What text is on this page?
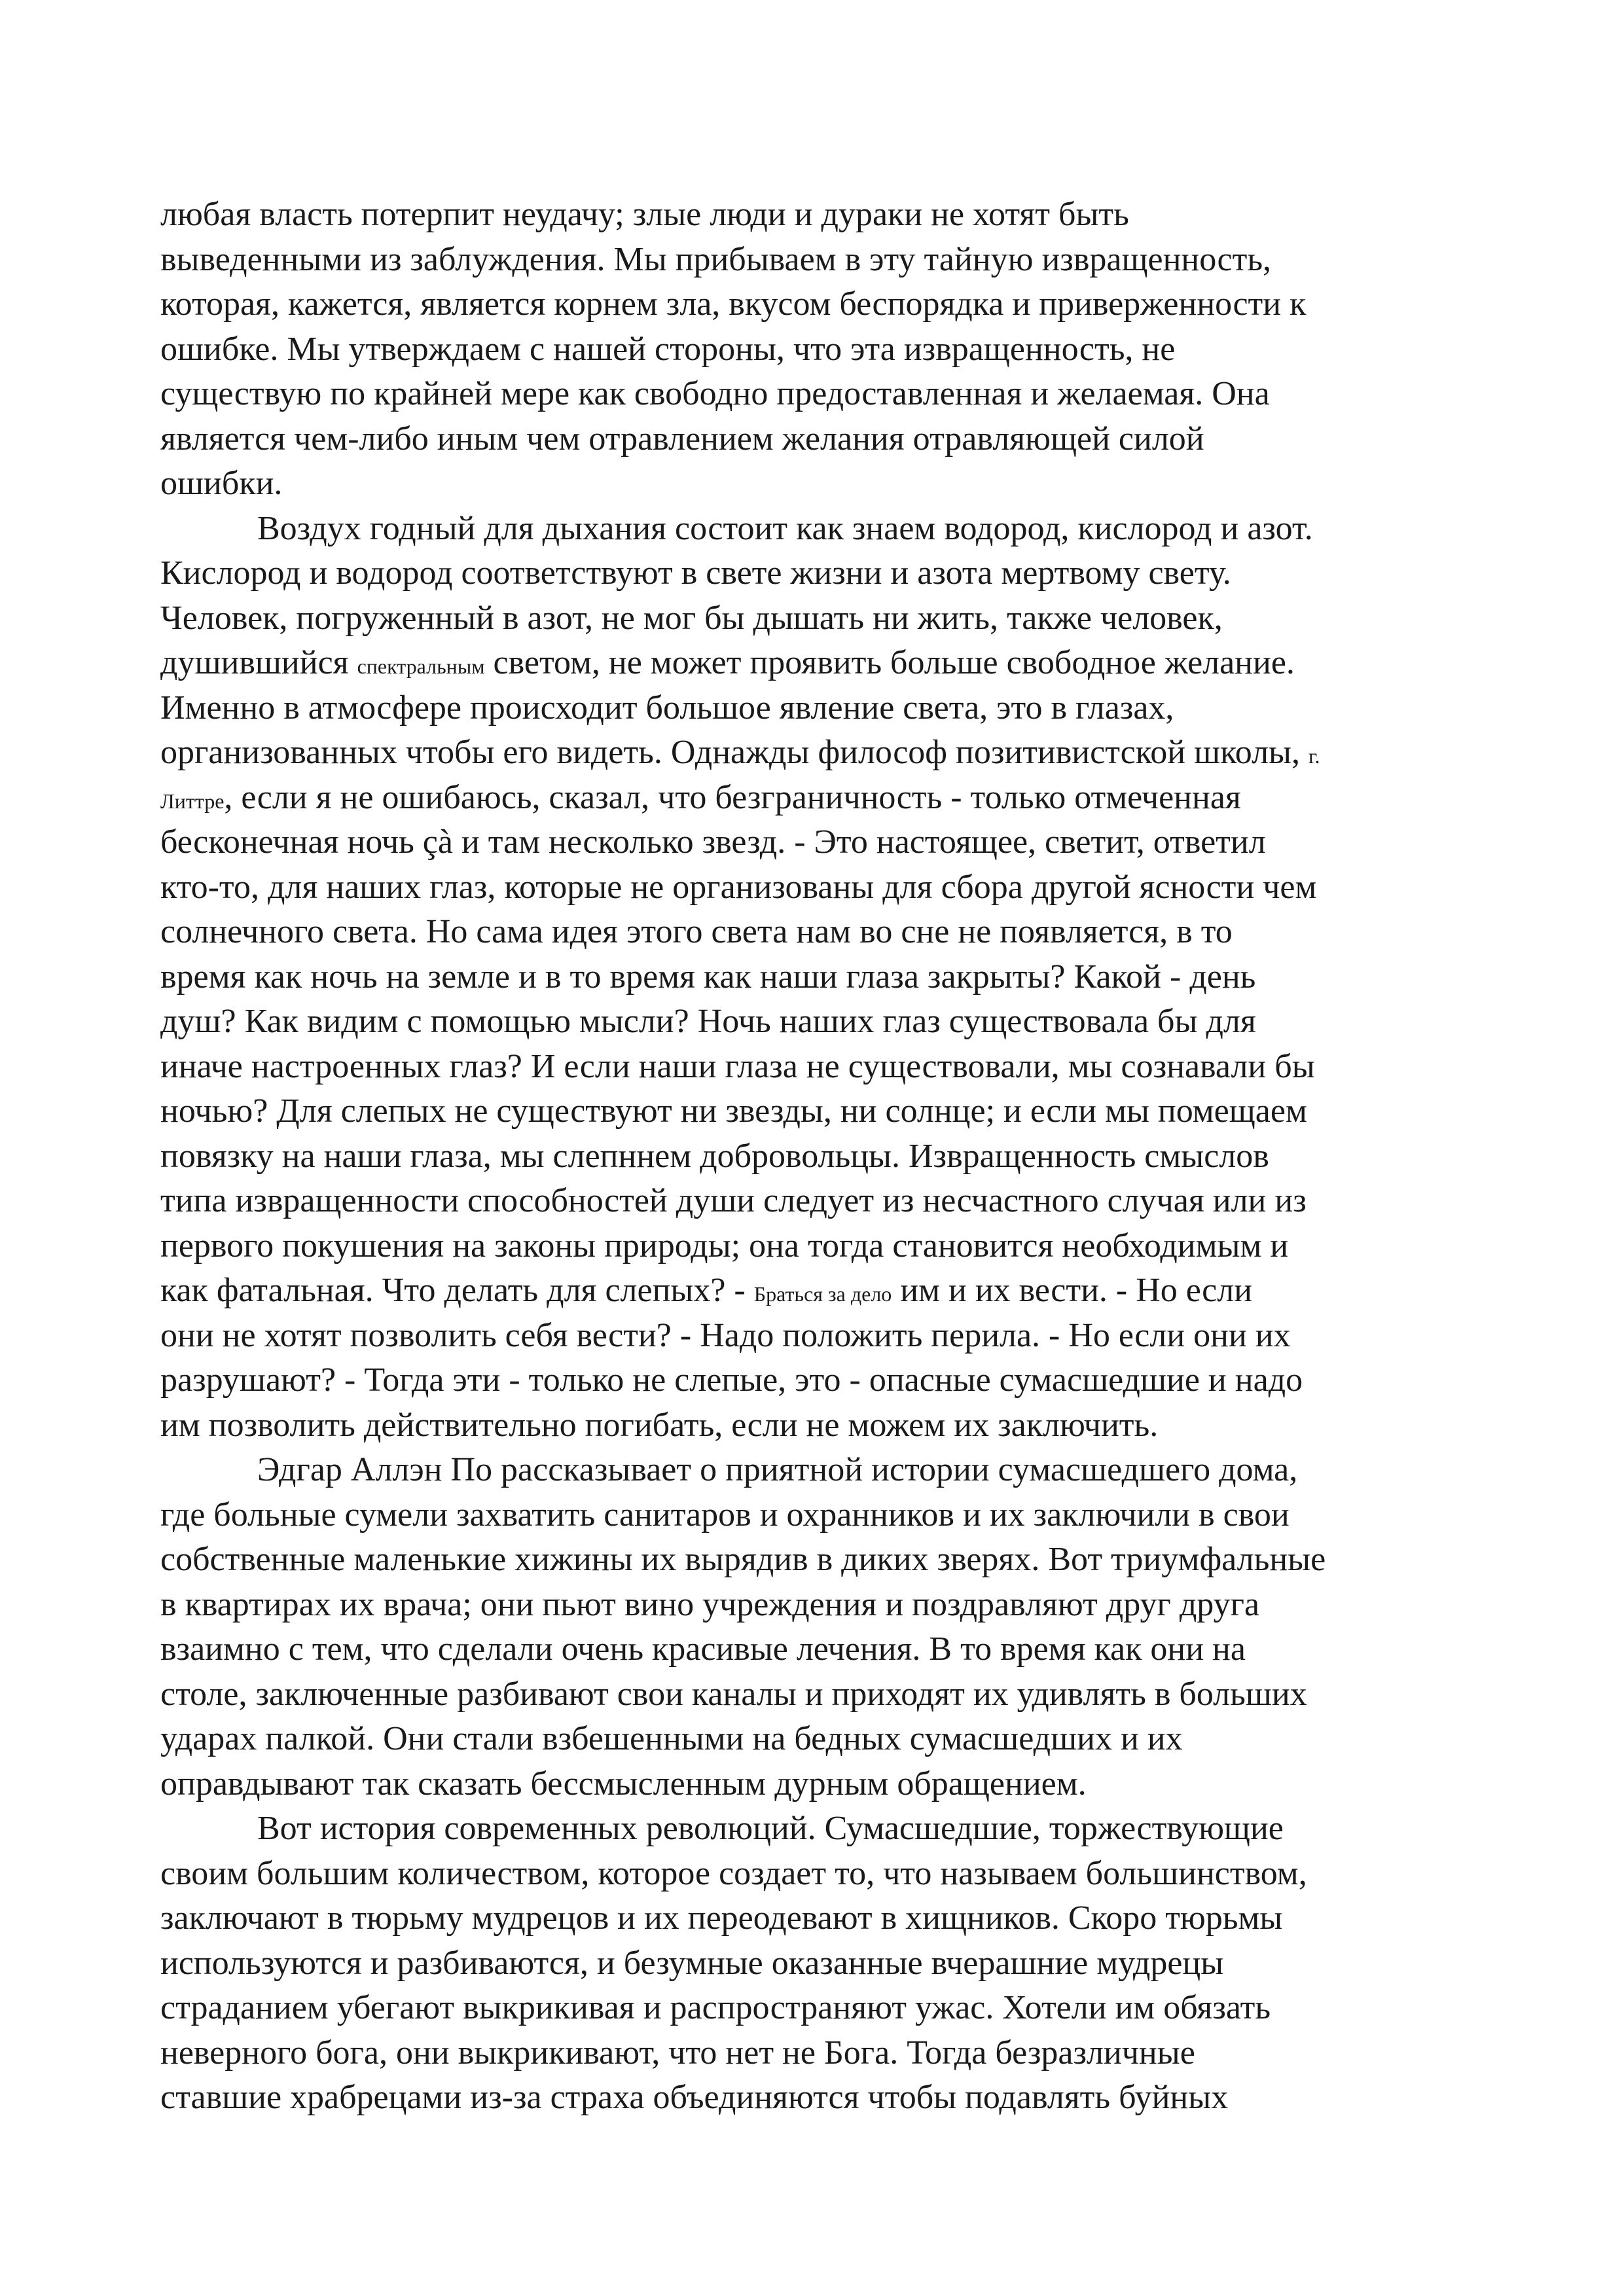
любая власть потерпит неудачу; злые люди и дураки не хотят быть
выведенными из заблуждения. Мы прибываем в эту тайную извращенность,
которая, кажется, является корнем зла, вкусом беспорядка и приверженности к
ошибке. Мы утверждаем с нашей стороны, что эта извращенность, не
существую по крайней мере как свободно предоставленная и желаемая. Она
является чем-либо иным чем отравлением желания отравляющей силой
ошибки.
Воздух годный для дыхания состоит как знаем водород, кислород и азот.
Кислород и водород соответствуют в свете жизни и азота мертвому свету.
Человек, погруженный в азот, не мог бы дышать ни жить, также человек,
душившийся спектральным светом, не может проявить больше свободное желание.
Именно в атмосфере происходит большое явление света, это в глазах,
организованных чтобы его видеть. Однажды философ позитивистской школы, г.
Литтре, если я не ошибаюсь, сказал, что безграничность - только отмеченная
бесконечная ночь çà и там несколько звезд. - Это настоящее, светит, ответил
кто-то, для наших глаз, которые не организованы для сбора другой ясности чем
солнечного света. Но сама идея этого света нам во сне не появляется, в то
время как ночь на земле и в то время как наши глаза закрыты? Какой - день
душ? Как видим с помощью мысли? Ночь наших глаз существовала бы для
иначе настроенных глаз? И если наши глаза не существовали, мы сознавали бы
ночью? Для слепых не существуют ни звезды, ни солнце; и если мы помещаем
повязку на наши глаза, мы слепннем добровольцы. Извращенность смыслов
типа извращенности способностей души следует из несчастного случая или из
первого покушения на законы природы; она тогда становится необходимым и
как фатальная. Что делать для слепых? - Браться за дело им и их вести. - Но если
они не хотят позволить себя вести? - Надо положить перила. - Но если они их
разрушают? - Тогда эти - только не слепые, это - опасные сумасшедшие и надо
им позволить действительно погибать, если не можем их заключить.
Эдгар Аллэн По рассказывает о приятной истории сумасшедшего дома,
где больные сумели захватить санитаров и охранников и их заключили в свои
собственные маленькие хижины их вырядив в диких зверях. Вот триумфальные
в квартирах их врача; они пьют вино учреждения и поздравляют друг друга
взаимно с тем, что сделали очень красивые лечения. В то время как они на
столе, заключенные разбивают свои каналы и приходят их удивлять в больших
ударах палкой. Они стали взбешенными на бедных сумасшедших и их
оправдывают так сказать бессмысленным дурным обращением.
Вот история современных революций. Сумасшедшие, торжествующие
своим большим количеством, которое создает то, что называем большинством,
заключают в тюрьму мудрецов и их переодевают в хищников. Скоро тюрьмы
используются и разбиваются, и безумные оказанные вчерашние мудрецы
страданием убегают выкрикивая и распространяют ужас. Хотели им обязать
неверного бога, они выкрикивают, что нет не Бога. Тогда безразличные
ставшие храбрецами из-за страха объединяются чтобы подавлять буйных
